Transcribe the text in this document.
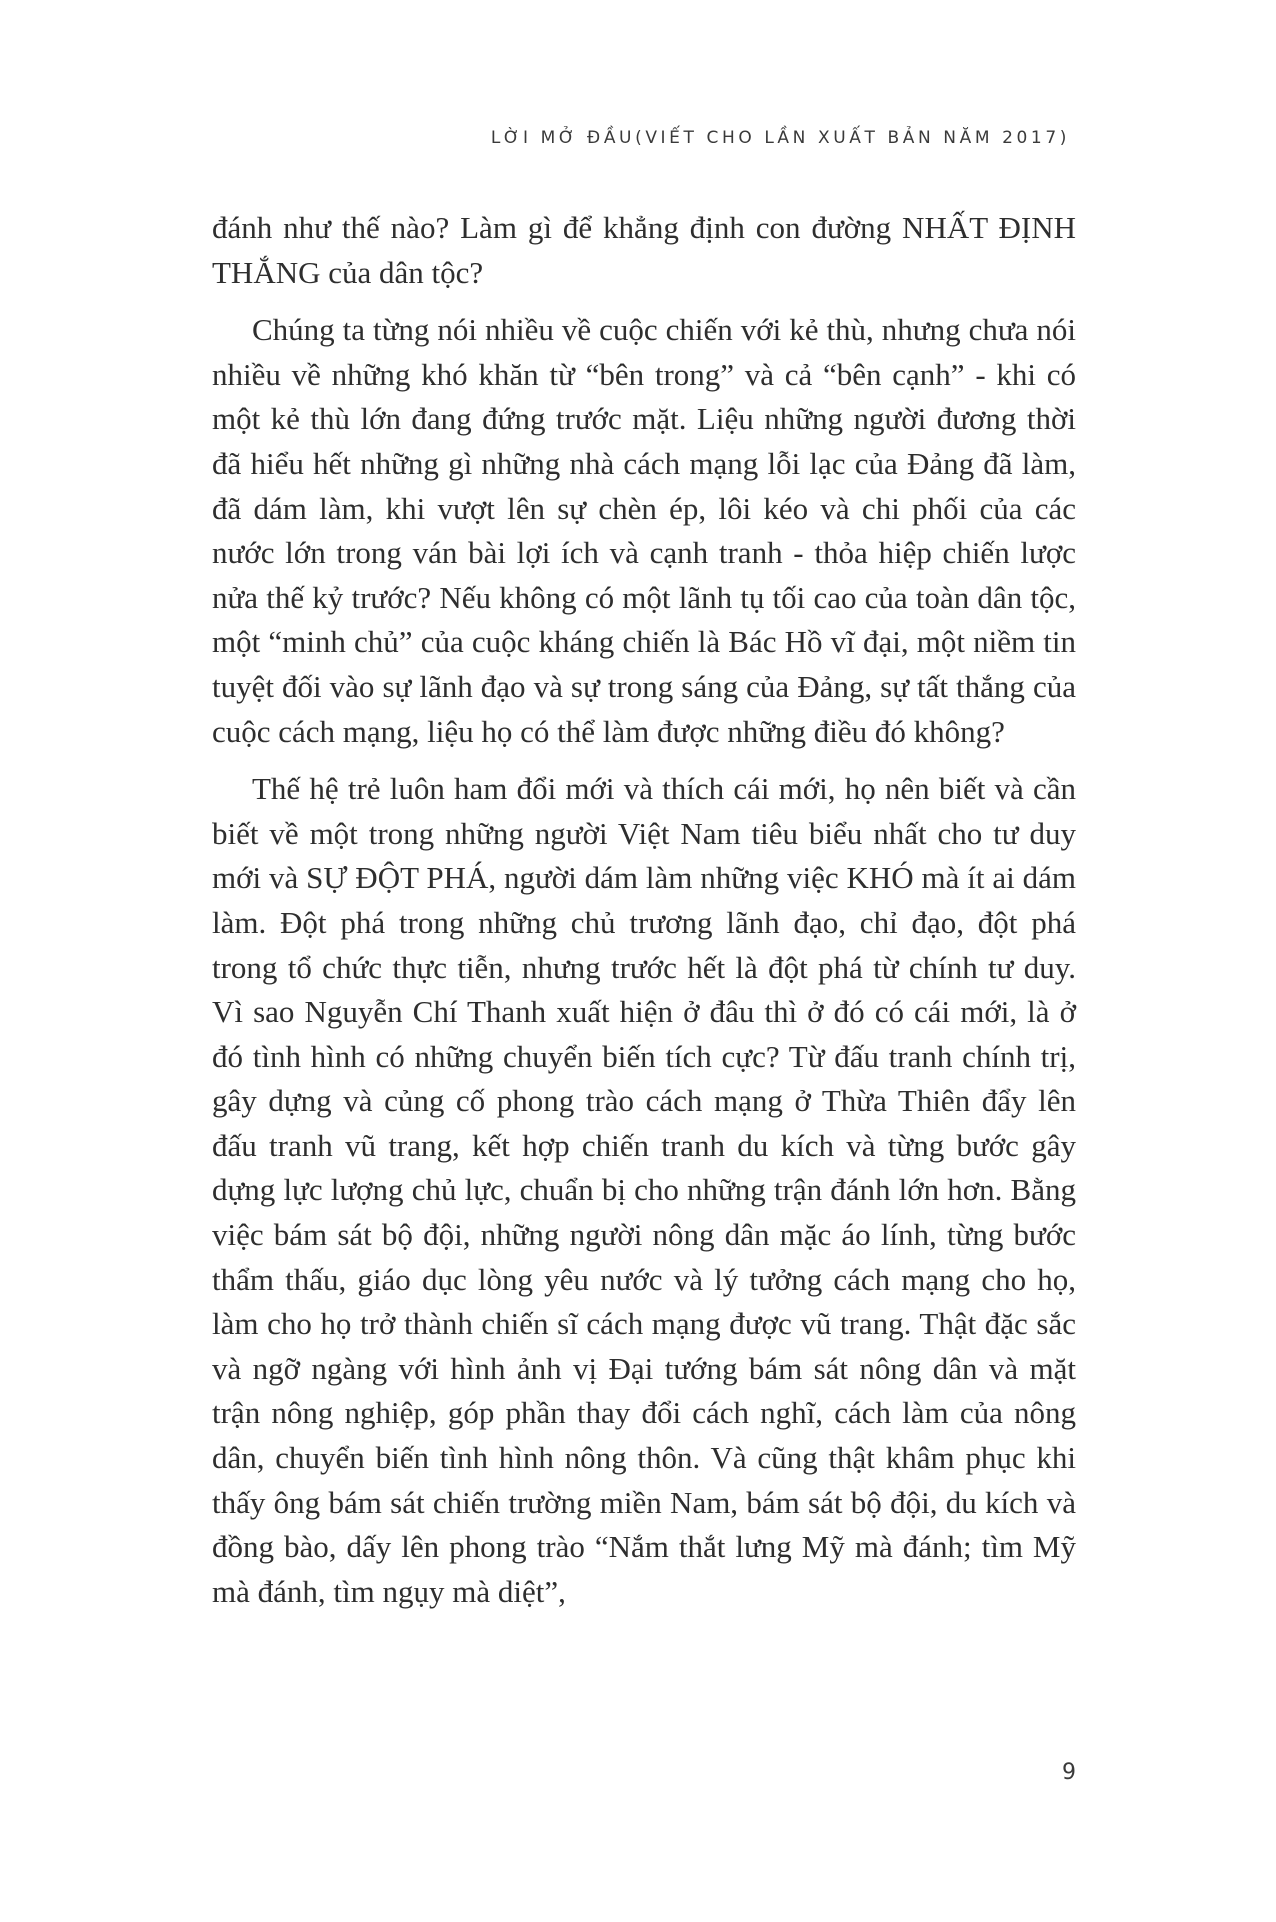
LỜI MỞ ĐẦU(VIẾT CHO LẦN XUẤT BẢN NĂM 2017)

đánh như thế nào? Làm gì để khẳng định con đường NHẤT ĐỊNH THẮNG của dân tộc?

Chúng ta từng nói nhiều về cuộc chiến với kẻ thù, nhưng chưa nói nhiều về những khó khăn từ “bên trong” và cả “bên cạnh” - khi có một kẻ thù lớn đang đứng trước mặt. Liệu những người đương thời đã hiểu hết những gì những nhà cách mạng lỗi lạc của Đảng đã làm, đã dám làm, khi vượt lên sự chèn ép, lôi kéo và chi phối của các nước lớn trong ván bài lợi ích và cạnh tranh - thỏa hiệp chiến lược nửa thế kỷ trước? Nếu không có một lãnh tụ tối cao của toàn dân tộc, một “minh chủ” của cuộc kháng chiến là Bác Hồ vĩ đại, một niềm tin tuyệt đối vào sự lãnh đạo và sự trong sáng của Đảng, sự tất thắng của cuộc cách mạng, liệu họ có thể làm được những điều đó không?

Thế hệ trẻ luôn ham đổi mới và thích cái mới, họ nên biết và cần biết về một trong những người Việt Nam tiêu biểu nhất cho tư duy mới và SỰ ĐỘT PHÁ, người dám làm những việc KHÓ mà ít ai dám làm. Đột phá trong những chủ trương lãnh đạo, chỉ đạo, đột phá trong tổ chức thực tiễn, nhưng trước hết là đột phá từ chính tư duy. Vì sao Nguyễn Chí Thanh xuất hiện ở đâu thì ở đó có cái mới, là ở đó tình hình có những chuyển biến tích cực? Từ đấu tranh chính trị, gây dựng và củng cố phong trào cách mạng ở Thừa Thiên đẩy lên đấu tranh vũ trang, kết hợp chiến tranh du kích và từng bước gây dựng lực lượng chủ lực, chuẩn bị cho những trận đánh lớn hơn. Bằng việc bám sát bộ đội, những người nông dân mặc áo lính, từng bước thẩm thấu, giáo dục lòng yêu nước và lý tưởng cách mạng cho họ, làm cho họ trở thành chiến sĩ cách mạng được vũ trang. Thật đặc sắc và ngỡ ngàng với hình ảnh vị Đại tướng bám sát nông dân và mặt trận nông nghiệp, góp phần thay đổi cách nghĩ, cách làm của nông dân, chuyển biến tình hình nông thôn. Và cũng thật khâm phục khi thấy ông bám sát chiến trường miền Nam, bám sát bộ đội, du kích và đồng bào, dấy lên phong trào “Nắm thắt lưng Mỹ mà đánh; tìm Mỹ mà đánh, tìm ngụy mà diệt”,

9
